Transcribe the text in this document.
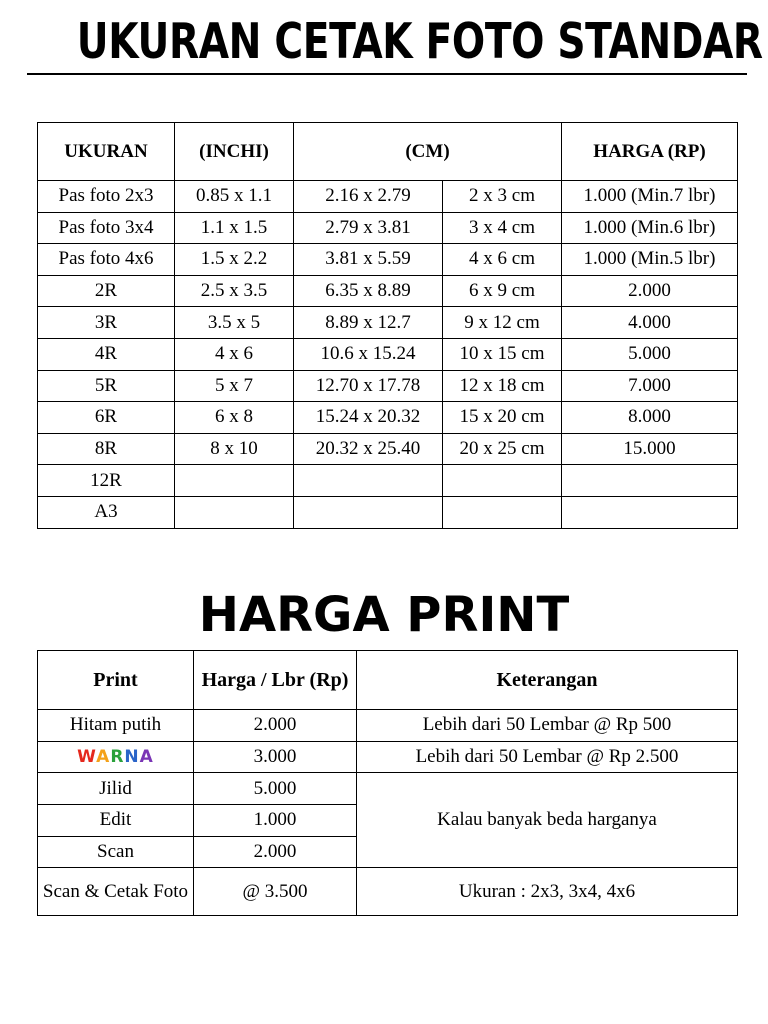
UKURAN CETAK FOTO STANDAR
UKURAN	(INCHI)	(CM)		HARGA (RP)
Pas foto 2x3	0.85 x 1.1	2.16 x 2.79	2 x 3 cm	1.000 (Min.7 lbr)
Pas foto 3x4	1.1 x 1.5	2.79 x 3.81	3 x 4 cm	1.000 (Min.6 lbr)
Pas foto 4x6	1.5 x 2.2	3.81 x 5.59	4 x 6 cm	1.000 (Min.5 lbr)
2R	2.5 x 3.5	6.35 x 8.89	6 x 9 cm	2.000
3R	3.5 x 5	8.89 x 12.7	9 x 12 cm	4.000
4R	4 x 6	10.6 x 15.24	10 x 15 cm	5.000
5R	5 x 7	12.70 x 17.78	12 x 18 cm	7.000
6R	6 x 8	15.24 x 20.32	15 x 20 cm	8.000
8R	8 x 10	20.32 x 25.40	20 x 25 cm	15.000
12R				
A3				
HARGA PRINT
Print	Harga / Lbr (Rp)	Keterangan
Hitam putih	2.000	Lebih dari 50 Lembar @ Rp 500
WARNA	3.000	Lebih dari 50 Lembar @ Rp 2.500
Jilid	5.000	Kalau banyak beda harganya
Edit	1.000	
Scan	2.000	
Scan & Cetak Foto	@ 3.500	Ukuran : 2x3, 3x4, 4x6
